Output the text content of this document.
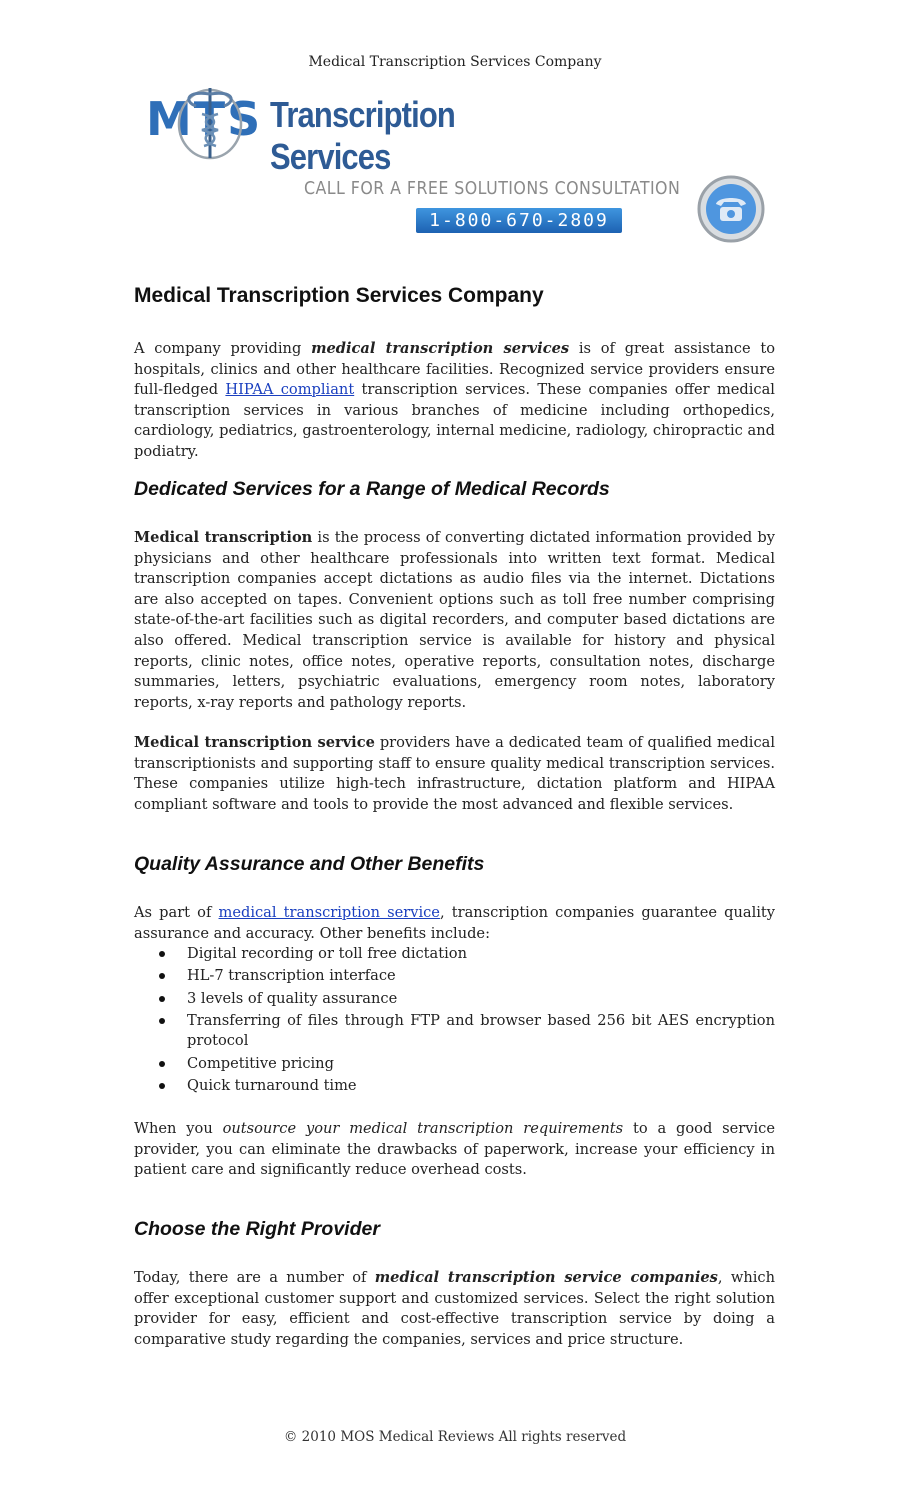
Medical Transcription Services Company
MTS Transcription Services
CALL FOR A FREE SOLUTIONS CONSULTATION
1-800-670-2809
Medical Transcription Services Company

A company providing medical transcription services is of great assistance to hospitals, clinics and other healthcare facilities. Recognized service providers ensure full-fledged HIPAA compliant transcription services. These companies offer medical transcription services in various branches of medicine including orthopedics, cardiology, pediatrics, gastroenterology, internal medicine, radiology, chiropractic and podiatry.

Dedicated Services for a Range of Medical Records

Medical transcription is the process of converting dictated information provided by physicians and other healthcare professionals into written text format. Medical transcription companies accept dictations as audio files via the internet. Dictations are also accepted on tapes. Convenient options such as toll free number comprising state-of-the-art facilities such as digital recorders, and computer based dictations are also offered. Medical transcription service is available for history and physical reports, clinic notes, office notes, operative reports, consultation notes, discharge summaries, letters, psychiatric evaluations, emergency room notes, laboratory reports, x-ray reports and pathology reports.

Medical transcription service providers have a dedicated team of qualified medical transcriptionists and supporting staff to ensure quality medical transcription services. These companies utilize high-tech infrastructure, dictation platform and HIPAA compliant software and tools to provide the most advanced and flexible services.

Quality Assurance and Other Benefits

As part of medical transcription service, transcription companies guarantee quality assurance and accuracy. Other benefits include:

Digital recording or toll free dictation
HL-7 transcription interface
3 levels of quality assurance
Transferring of files through FTP and browser based 256 bit AES encryption protocol
Competitive pricing
Quick turnaround time

When you outsource your medical transcription requirements to a good service provider, you can eliminate the drawbacks of paperwork, increase your efficiency in patient care and significantly reduce overhead costs.

Choose the Right Provider

Today, there are a number of medical transcription service companies, which offer exceptional customer support and customized services. Select the right solution provider for easy, efficient and cost-effective transcription service by doing a comparative study regarding the companies, services and price structure.

© 2010 MOS Medical Reviews All rights reserved
